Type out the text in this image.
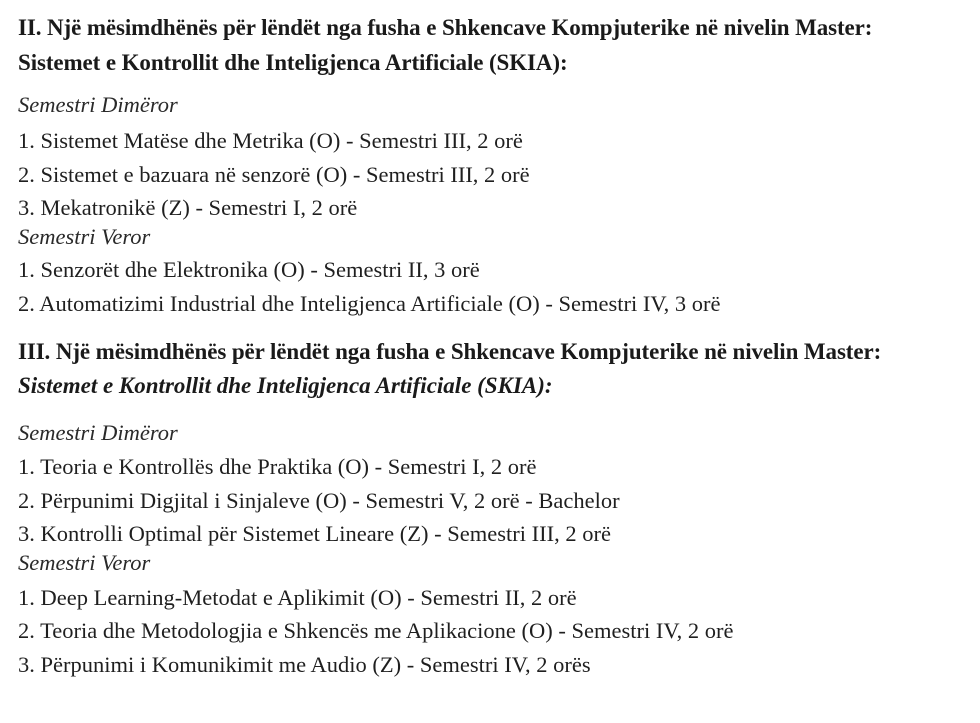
II. Një mësimdhënës për lëndët nga fusha e Shkencave Kompjuterike në nivelin Master:
Sistemet e Kontrollit dhe Inteligjenca Artificiale (SKIA):
Semestri Dimëror
1. Sistemet Matëse dhe Metrika (O) - Semestri III, 2 orë
2. Sistemet e bazuara në senzorë (O) - Semestri III, 2 orë
3. Mekatronikë (Z) - Semestri I, 2 orë
Semestri Veror
1. Senzorët dhe Elektronika (O) - Semestri II, 3 orë
2. Automatizimi Industrial dhe Inteligjenca Artificiale (O) - Semestri IV, 3 orë
III. Një mësimdhënës për lëndët nga fusha e Shkencave Kompjuterike në nivelin Master:
Sistemet e Kontrollit dhe Inteligjenca Artificiale (SKIA):
Semestri Dimëror
1. Teoria e Kontrollës dhe Praktika (O) - Semestri I, 2 orë
2. Përpunimi Digjital i Sinjaleve (O) - Semestri V, 2 orë - Bachelor
3. Kontrolli Optimal për Sistemet Lineare (Z) - Semestri III, 2 orë
Semestri Veror
1. Deep Learning-Metodat e Aplikimit (O) - Semestri II, 2 orë
2. Teoria dhe Metodologjia e Shkencës me Aplikacione (O) - Semestri IV, 2 orë
3. Përpunimi i Komunikimit me Audio (Z) - Semestri IV, 2 orës
